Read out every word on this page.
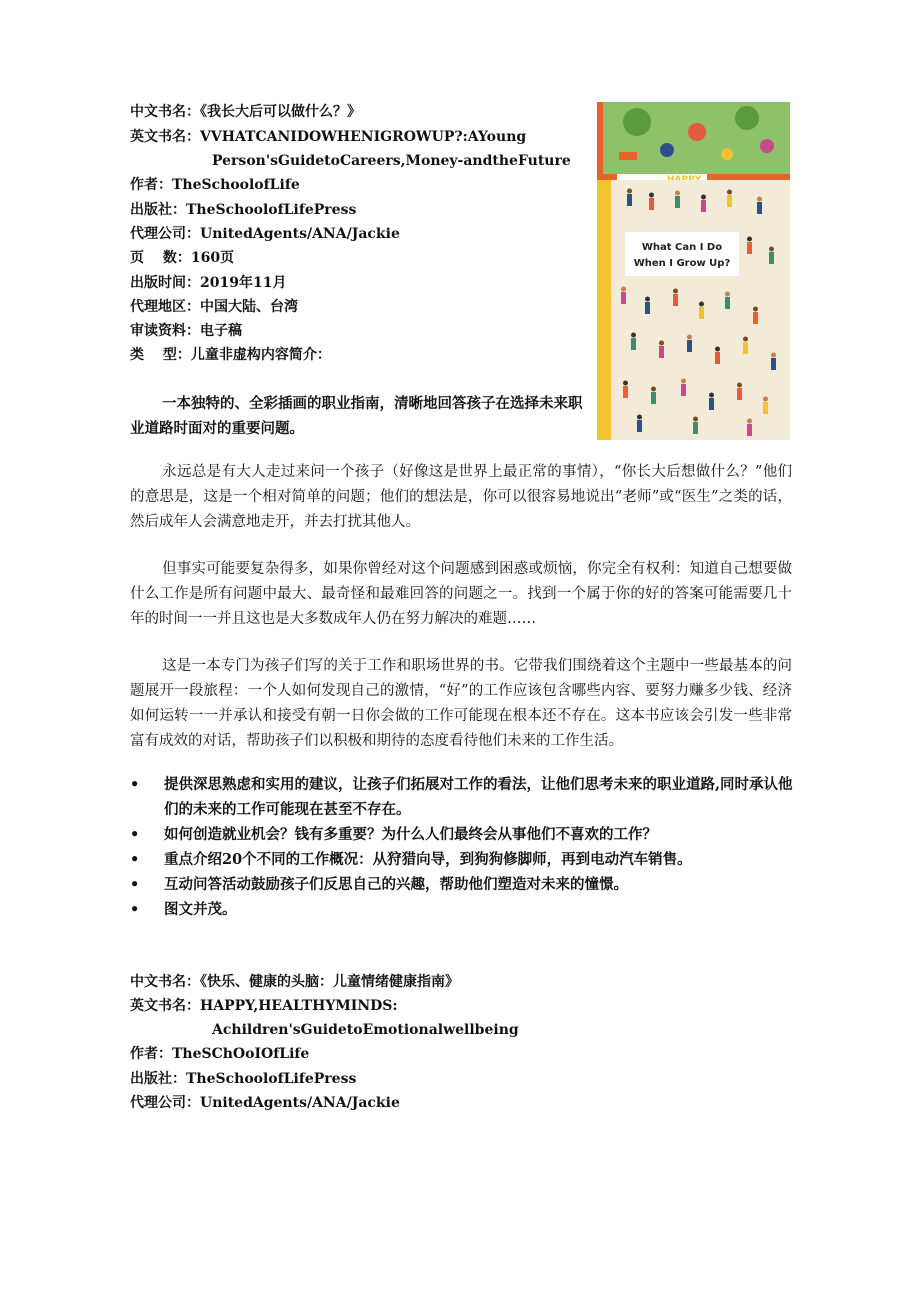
中文书名：《我长大后可以做什么？》
英文书名：VVHATCANIDOWHENIGROWUP?:AYoung
Person'sGuidetoCareers,Money-andtheFuture
作者：TheSchoolofLife
出版社：TheSchoolofLifePress
代理公司：UnitedAgents/ANA/Jackie
页　 数：160页
出版时间：2019年11月
代理地区：中国大陆、台湾
审读资料：电子稿
类　 型：儿童非虚构内容简介：
一本独特的、全彩插画的职业指南，清晰地回答孩子在选择未来职业道路时面对的重要问题。
What Can I Do
When I Grow Up?
永远总是有大人走过来问一个孩子（好像这是世界上最正常的事情），“你长大后想做什么？”他们的意思是，这是一个相对简单的问题；他们的想法是，你可以很容易地说出“老师”或“医生”之类的话，然后成年人会满意地走开，并去打扰其他人。
但事实可能要复杂得多，如果你曾经对这个问题感到困惑或烦恼，你完全有权利：知道自己想要做什么工作是所有问题中最大、最奇怪和最难回答的问题之一。找到一个属于你的好的答案可能需要几十年的时间一一并且这也是大多数成年人仍在努力解决的难题……
这是一本专门为孩子们写的关于工作和职场世界的书。它带我们围绕着这个主题中一些最基本的问题展开一段旅程：一个人如何发现自己的激情，“好”的工作应该包含哪些内容、要努力赚多少钱、经济如何运转一一并承认和接受有朝一日你会做的工作可能现在根本还不存在。这本书应该会引发一些非常富有成效的对话，帮助孩子们以积极和期待的态度看待他们未来的工作生活。
• 提供深思熟虑和实用的建议，让孩子们拓展对工作的看法，让他们思考未来的职业道路,同时承认他们的未来的工作可能现在甚至不存在。
• 如何创造就业机会？钱有多重要？为什么人们最终会从事他们不喜欢的工作？
• 重点介绍20个不同的工作概况：从狩猎向导，到狗狗修脚师，再到电动汽车销售。
• 互动问答活动鼓励孩子们反思自己的兴趣，帮助他们塑造对未来的憧憬。
• 图文并茂。
中文书名：《快乐、健康的头脑：儿童情绪健康指南》
英文书名：HAPPY,HEALTHYMINDS:
Achildren'sGuidetoEmotionalwellbeing
作者：TheSChOoIOfLife
出版社：TheSchoolofLifePress
代理公司：UnitedAgents/ANA/Jackie
